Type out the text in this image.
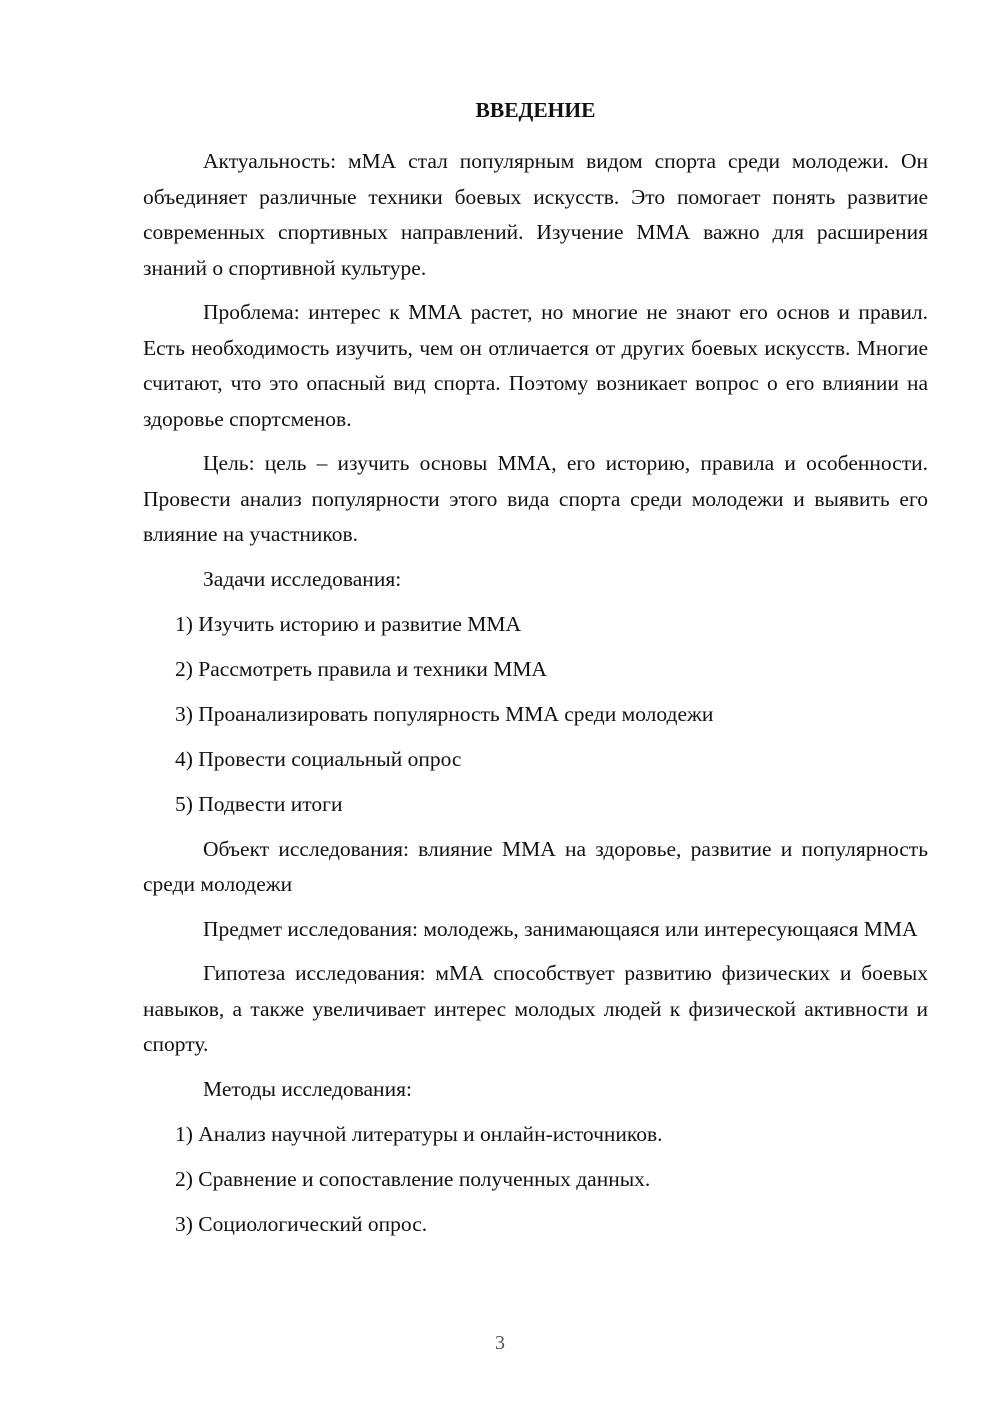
ВВЕДЕНИЕ

Актуальность: мМА стал популярным видом спорта среди молодежи. Он объединяет различные техники боевых искусств. Это помогает понять развитие современных спортивных направлений. Изучение ММА важно для расширения знаний о спортивной культуре.

Проблема: интерес к ММА растет, но многие не знают его основ и правил. Есть необходимость изучить, чем он отличается от других боевых искусств. Многие считают, что это опасный вид спорта. Поэтому возникает вопрос о его влиянии на здоровье спортсменов.

Цель: цель – изучить основы ММА, его историю, правила и особенности. Провести анализ популярности этого вида спорта среди молодежи и выявить его влияние на участников.

Задачи исследования:

1) Изучить историю и развитие ММА

2) Рассмотреть правила и техники ММА

3) Проанализировать популярность ММА среди молодежи

4) Провести социальный опрос

5) Подвести итоги

Объект исследования: влияние ММА на здоровье, развитие и популярность среди молодежи

Предмет исследования: молодежь, занимающаяся или интересующаяся ММА

Гипотеза исследования: мМА способствует развитию физических и боевых навыков, а также увеличивает интерес молодых людей к физической активности и спорту.

Методы исследования:

1) Анализ научной литературы и онлайн-источников.

2) Сравнение и сопоставление полученных данных.

3) Социологический опрос.

3
